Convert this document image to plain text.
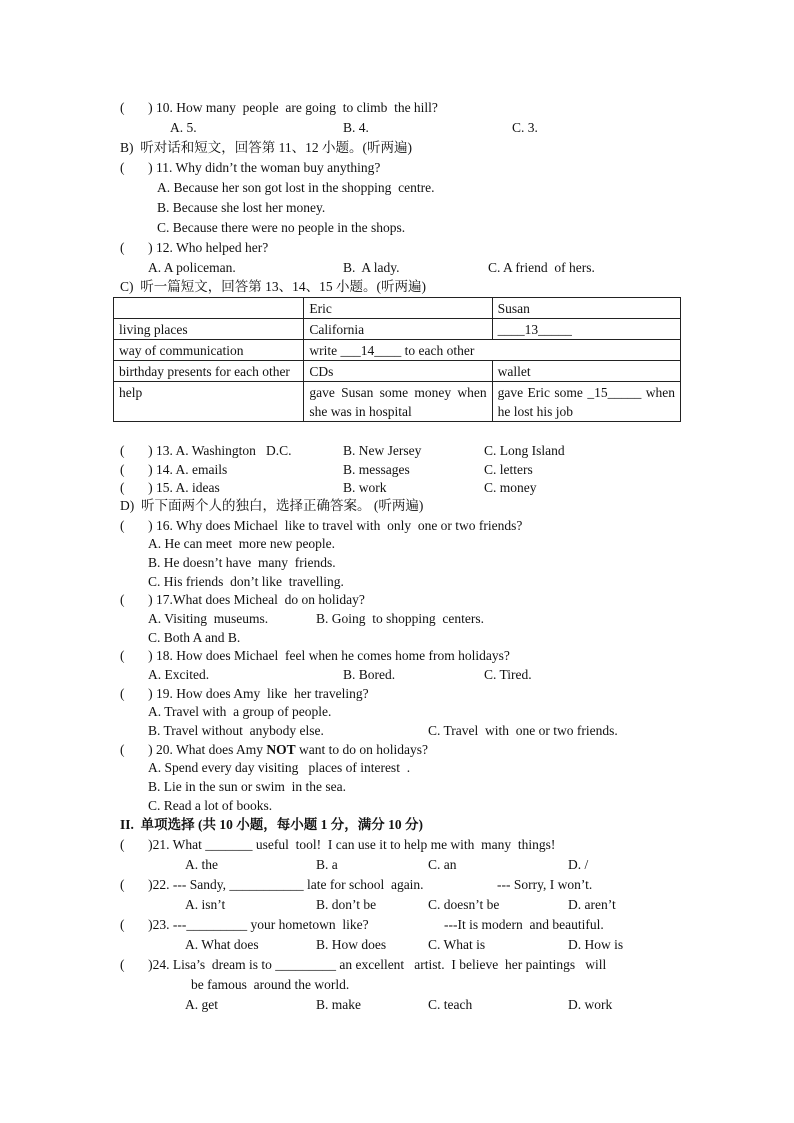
(       ) 10. How many  people  are going  to climb  the hill?
A. 5.	B. 4.	C. 3.
B)  听对话和短文，回答第 11、12 小题。(听两遍)
(       ) 11. Why didn’t the woman buy anything?
A. Because her son got lost in the shopping  centre.
B. Because she lost her money.
C. Because there were no people in the shops.
(       ) 12. Who helped her?
A. A policeman.	B.  A lady.	C. A friend  of hers.
C)  听一篇短文，回答第 13、14、15 小题。(听两遍)
	Eric	Susan
living places	California	____13_____
way of communication	write ___14____ to each other	
birthday presents for each other	CDs	wallet
help	gave Susan some money when she was in hospital	gave Eric some _15_____ when he lost his job
(       ) 13. A. Washington   D.C.	B. New Jersey	C. Long Island
(       ) 14. A. emails	B. messages	C. letters
(       ) 15. A. ideas	B. work	C. money
D)  听下面两个人的独白，选择正确答案。 (听两遍)
(       ) 16. Why does Michael  like to travel with  only  one or two friends?
A. He can meet  more new people.
B. He doesn’t have  many  friends.
C. His friends  don’t like  travelling.
(       ) 17.What does Micheal  do on holiday?
A. Visiting  museums.	B. Going  to shopping  centers.
C. Both A and B.
(       ) 18. How does Michael  feel when he comes home from holidays?
A. Excited.	B. Bored.	C. Tired.
(       ) 19. How does Amy  like  her traveling?
A. Travel with  a group of people.
B. Travel without  anybody else.	C. Travel  with  one or two friends.
(       ) 20. What does Amy NOT want to do on holidays?
A. Spend every day visiting   places of interest  .
B. Lie in the sun or swim  in the sea.
C. Read a lot of books.
II.  单项选择 (共 10 小题，每小题 1 分，满分 10 分)
(       )21. What _______ useful  tool!  I can use it to help me with  many  things!
A. the	B. a	C. an	D. /
(       )22. --- Sandy, ___________ late for school  again.	--- Sorry, I won’t.
A. isn’t	B. don’t be	C. doesn’t be	D. aren’t
(       )23. ---_________ your hometown  like?	---It is modern  and beautiful.
A. What does	B. How does	C. What is	D. How is
(       )24. Lisa’s  dream is to _________ an excellent   artist.  I believe  her paintings   will
be famous  around the world.
A. get	B. make	C. teach	D. work
